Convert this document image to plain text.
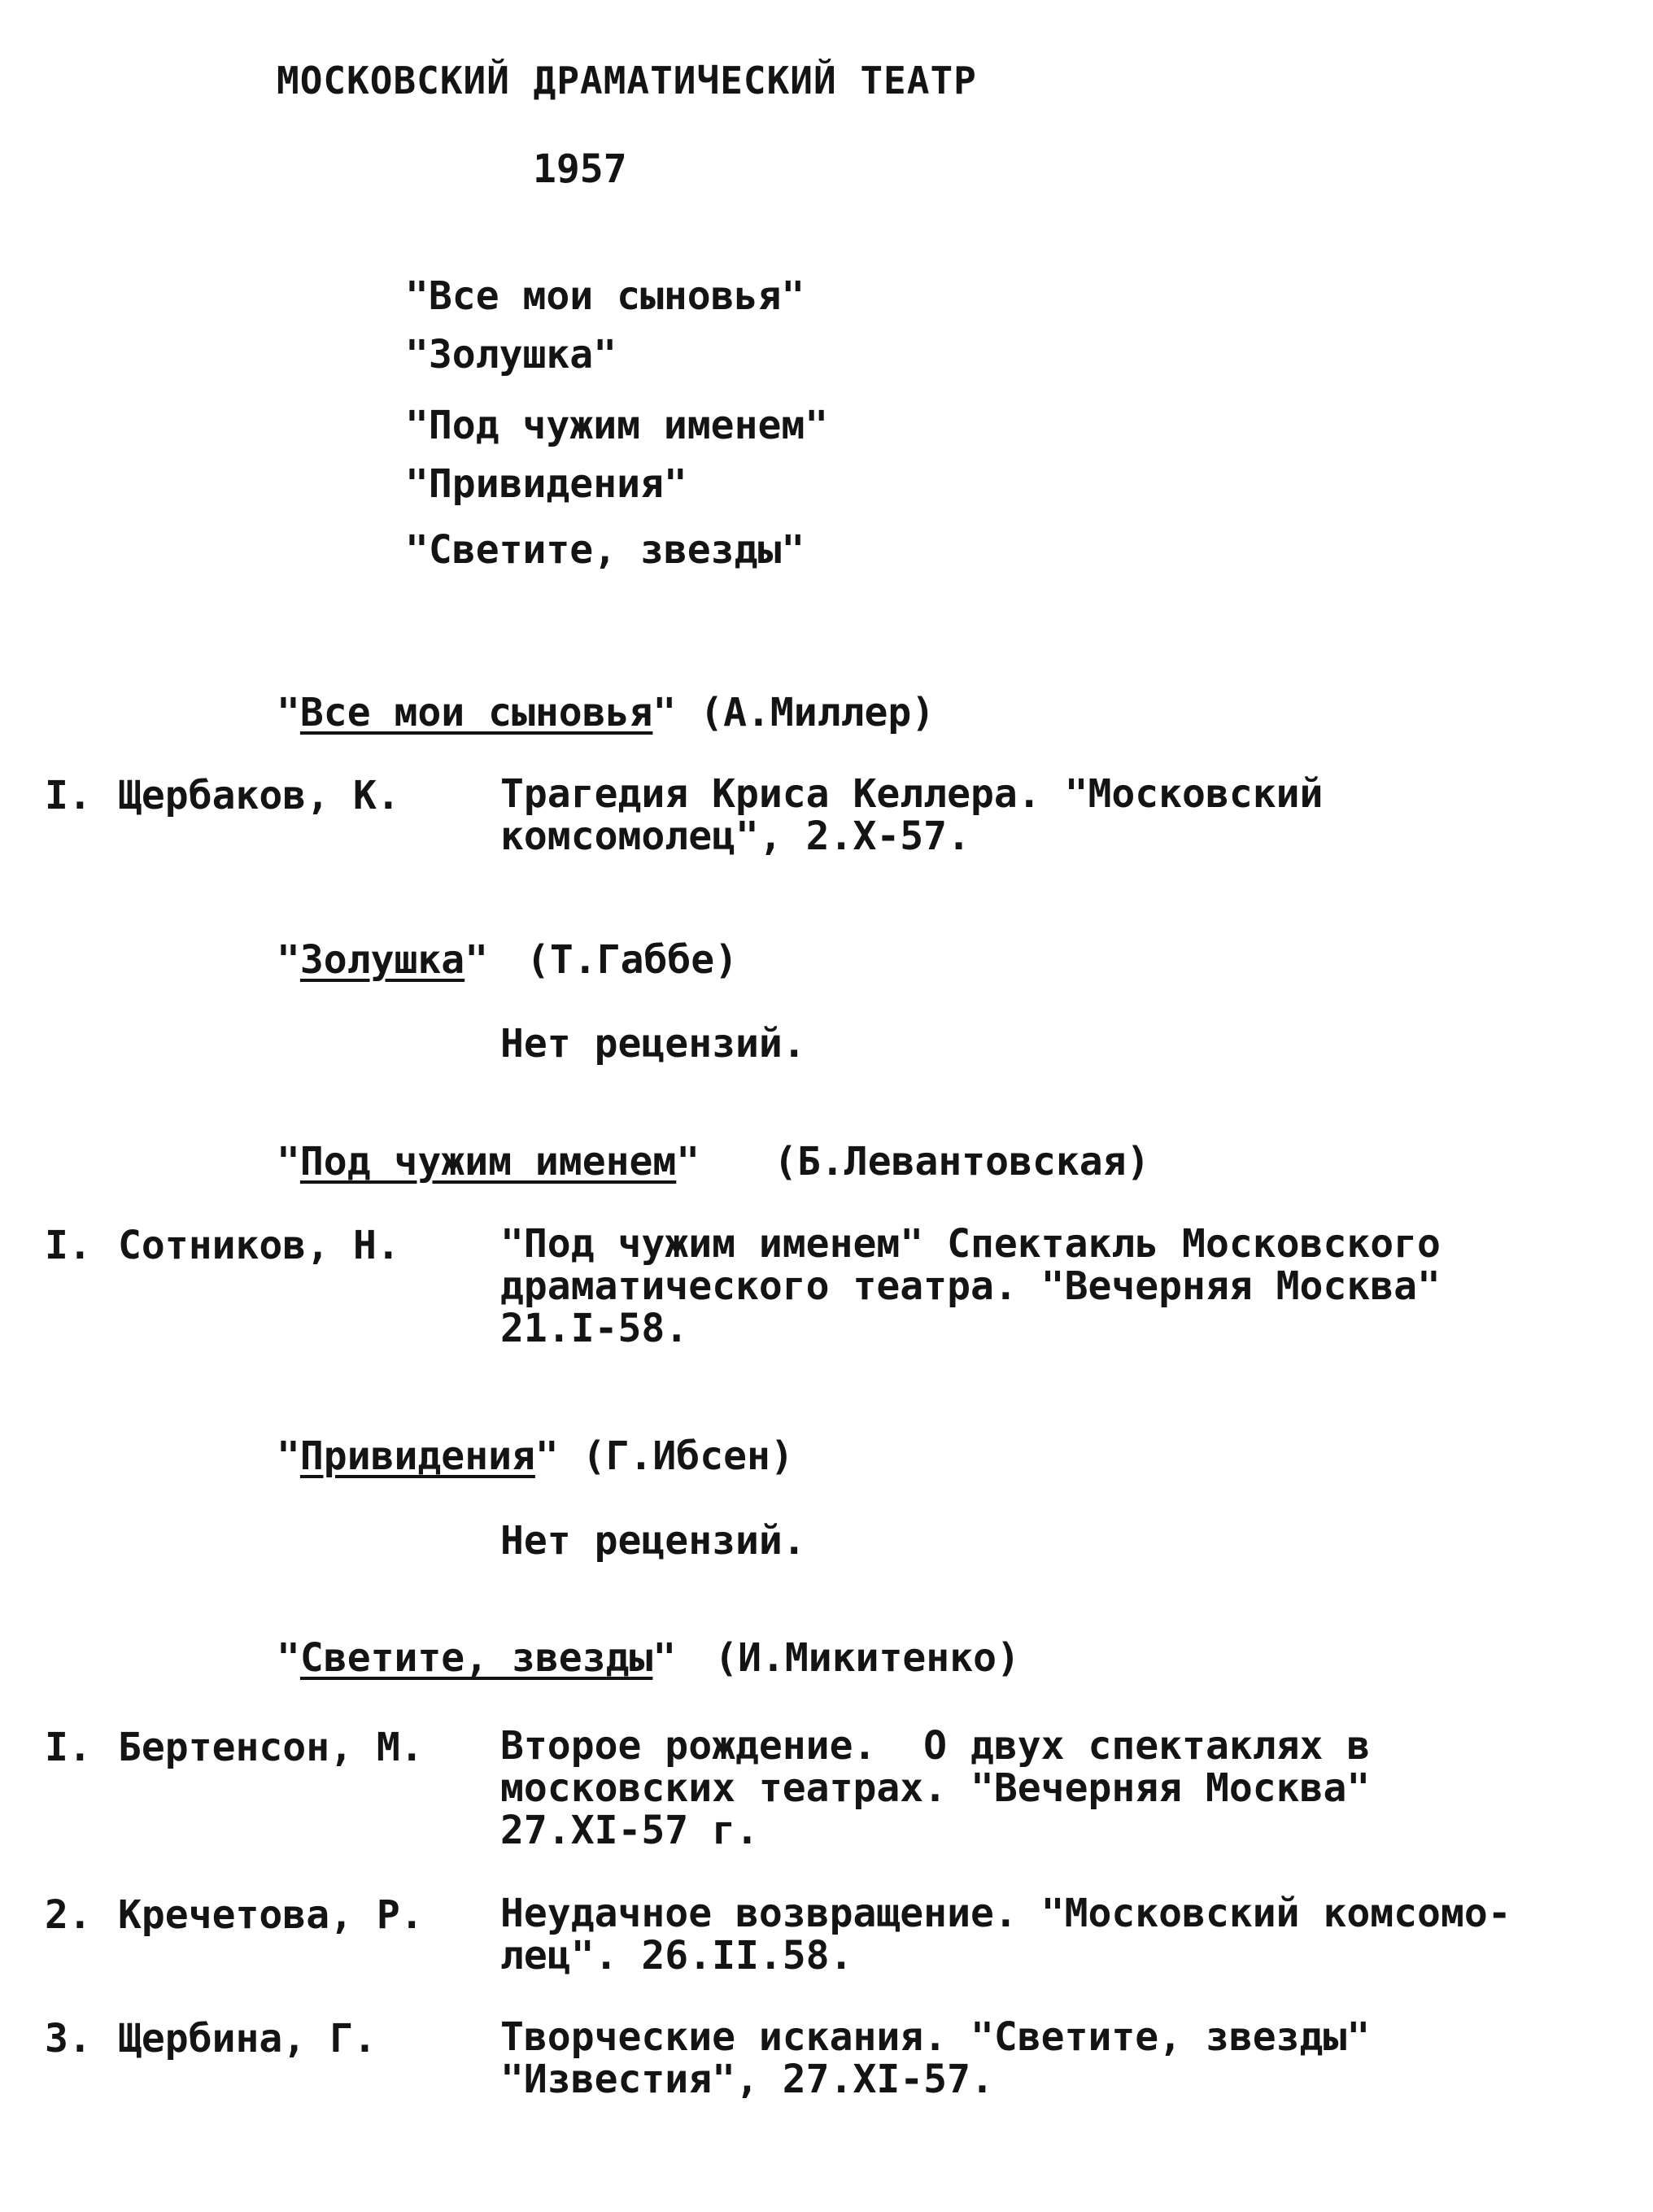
МОСКОВСКИЙ ДРАМАТИЧЕСКИЙ ТЕАТР
1957
"Все мои сыновья"
"Золушка"
"Под чужим именем"
"Привидения"
"Светите, звезды"
"Все мои сыновья" (А.Миллер)
I. Щербаков, К.	Трагедия Криса Келлера. "Московский
комсомолец", 2.Х-57.
"Золушка" (Т.Габбе)
Нет рецензий.
"Под чужим именем" (Б.Левантовская)
I. Сотников, Н.	"Под чужим именем" Спектакль Московского
драматического театра. "Вечерняя Москва"
21.I-58.
"Привидения" (Г.Ибсен)
Нет рецензий.
"Светите, звезды" (И.Микитенко)
I. Бертенсон, М. Второе рождение.  О двух спектаклях в
московских театрах. "Вечерняя Москва"
27.XI-57 г.
2. Кречетова, Р. Неудачное возвращение. "Московский комсомо-
лец". 26.II.58.
3. Щербина, Г.	Творческие искания. "Светите, звезды"
"Известия", 27.XI-57.
